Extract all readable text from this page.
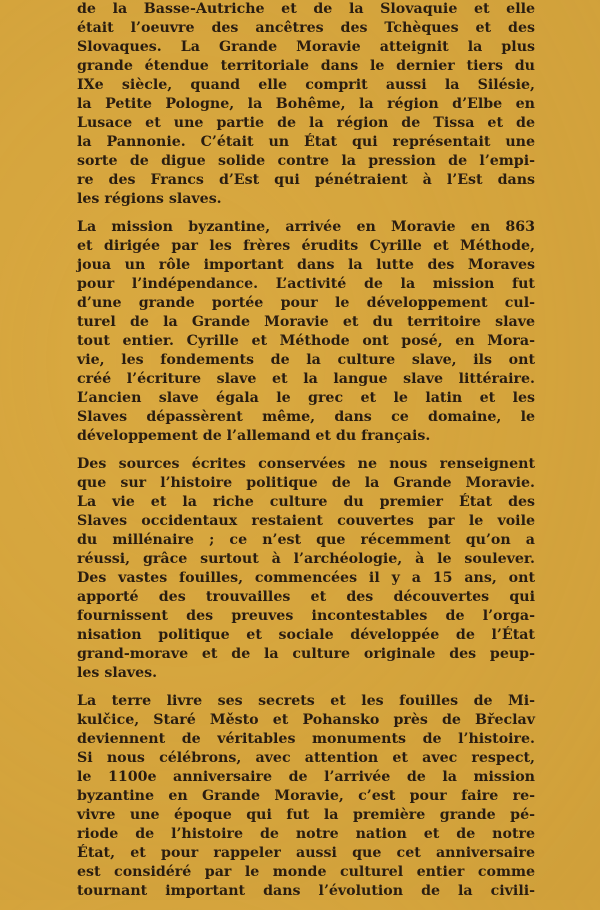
de la Basse-Autriche et de la Slovaquie et elle
était l’oeuvre des ancêtres des Tchèques et des
Slovaques. La Grande Moravie atteignit la plus
grande étendue territoriale dans le dernier tiers du
IXe siècle, quand elle comprit aussi la Silésie,
la Petite Pologne, la Bohême, la région d’Elbe en
Lusace et une partie de la région de Tissa et de
la Pannonie. C’était un État qui représentait une
sorte de digue solide contre la pression de l’empi-
re des Francs d’Est qui pénétraient à l’Est dans
les régions slaves.
La mission byzantine, arrivée en Moravie en 863
et dirigée par les frères érudits Cyrille et Méthode,
joua un rôle important dans la lutte des Moraves
pour l’indépendance. L’activité de la mission fut
d’une grande portée pour le développement cul-
turel de la Grande Moravie et du territoire slave
tout entier. Cyrille et Méthode ont posé, en Mora-
vie, les fondements de la culture slave, ils ont
créé l’écriture slave et la langue slave littéraire.
L’ancien slave égala le grec et le latin et les
Slaves dépassèrent même, dans ce domaine, le
développement de l’allemand et du français.
Des sources écrites conservées ne nous renseignent
que sur l’histoire politique de la Grande Moravie.
La vie et la riche culture du premier État des
Slaves occidentaux restaient couvertes par le voile
du millénaire ; ce n’est que récemment qu’on a
réussi, grâce surtout à l’archéologie, à le soulever.
Des vastes fouilles, commencées il y a 15 ans, ont
apporté des trouvailles et des découvertes qui
fournissent des preuves incontestables de l’orga-
nisation politique et sociale développée de l’État
grand-morave et de la culture originale des peup-
les slaves.
La terre livre ses secrets et les fouilles de Mi-
kulčice, Staré Město et Pohansko près de Břeclav
deviennent de véritables monuments de l’histoire.
Si nous célébrons, avec attention et avec respect,
le 1100e anniversaire de l’arrivée de la mission
byzantine en Grande Moravie, c’est pour faire re-
vivre une époque qui fut la première grande pé-
riode de l’histoire de notre nation et de notre
État, et pour rappeler aussi que cet anniversaire
est considéré par le monde culturel entier comme
tournant important dans l’évolution de la civili-
